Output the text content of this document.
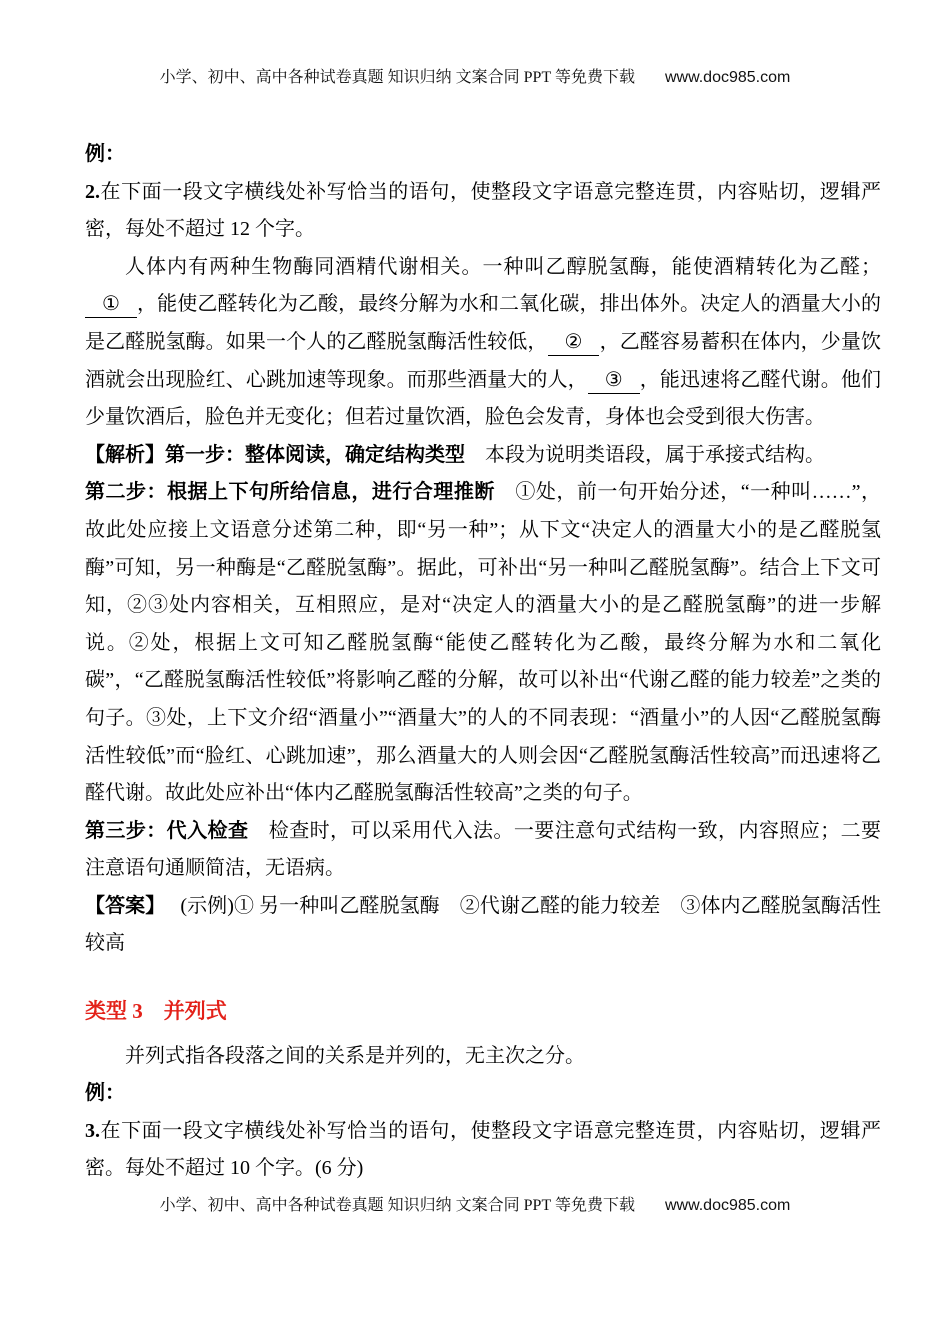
小学、初中、高中各种试卷真题 知识归纳 文案合同 PPT 等免费下载 www.doc985.com

例：

2.在下面一段文字横线处补写恰当的语句，使整段文字语意完整连贯，内容贴切，逻辑严密，每处不超过 12 个字。

人体内有两种生物酶同酒精代谢相关。一种叫乙醇脱氢酶，能使酒精转化为乙醛；① ，能使乙醛转化为乙酸，最终分解为水和二氧化碳，排出体外。决定人的酒量大小的是乙醛脱氢酶。如果一个人的乙醛脱氢酶活性较低， ② ，乙醛容易蓄积在体内，少量饮酒就会出现脸红、心跳加速等现象。而那些酒量大的人， ③ ，能迅速将乙醛代谢。他们少量饮酒后，脸色并无变化；但若过量饮酒，脸色会发青，身体也会受到很大伤害。

【解析】第一步：整体阅读，确定结构类型　本段为说明类语段，属于承接式结构。

第二步：根据上下句所给信息，进行合理推断　①处，前一句开始分述，“一种叫……”，故此处应接上文语意分述第二种，即“另一种”；从下文“决定人的酒量大小的是乙醛脱氢酶”可知，另一种酶是“乙醛脱氢酶”。据此，可补出“另一种叫乙醛脱氢酶”。结合上下文可知，②③处内容相关，互相照应，是对“决定人的酒量大小的是乙醛脱氢酶”的进一步解说。②处，根据上文可知乙醛脱氢酶“能使乙醛转化为乙酸，最终分解为水和二氧化碳”，“乙醛脱氢酶活性较低”将影响乙醛的分解，故可以补出“代谢乙醛的能力较差”之类的句子。③处，上下文介绍“酒量小”“酒量大”的人的不同表现：“酒量小”的人因“乙醛脱氢酶活性较低”而“脸红、心跳加速”，那么酒量大的人则会因“乙醛脱氢酶活性较高”而迅速将乙醛代谢。故此处应补出“体内乙醛脱氢酶活性较高”之类的句子。

第三步：代入检查　检查时，可以采用代入法。一要注意句式结构一致，内容照应；二要注意语句通顺简洁，无语病。

【答案】　 (示例)① 另一种叫乙醛脱氢酶　②代谢乙醛的能力较差　③体内乙醛脱氢酶活性较高

类型 3　并列式

并列式指各段落之间的关系是并列的，无主次之分。

例：

3.在下面一段文字横线处补写恰当的语句，使整段文字语意完整连贯，内容贴切，逻辑严密。每处不超过 10 个字。(6 分)

小学、初中、高中各种试卷真题 知识归纳 文案合同 PPT 等免费下载 www.doc985.com
